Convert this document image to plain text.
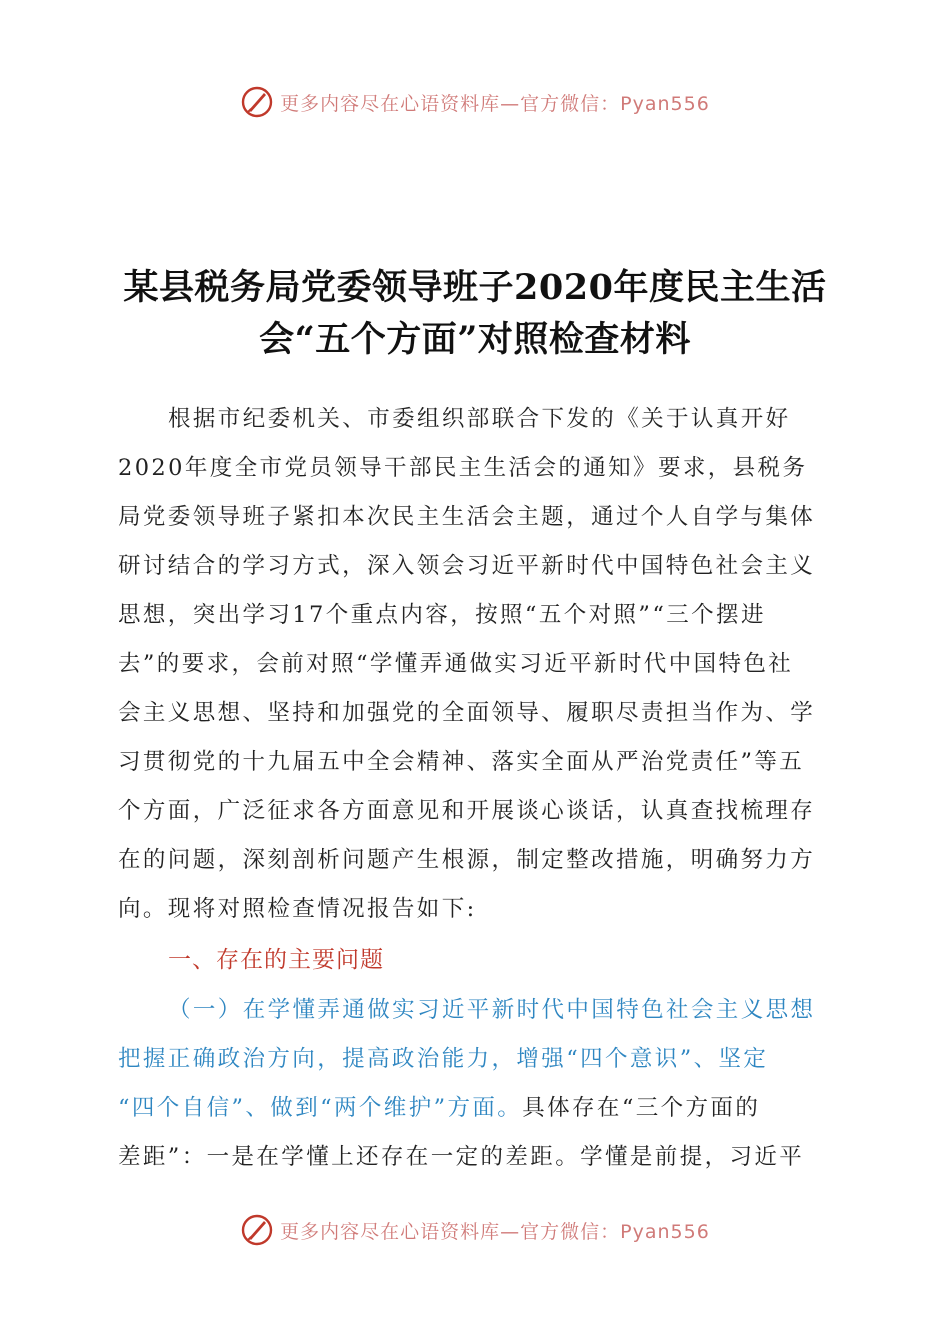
更多内容尽在心语资料库—官方微信：Pyan556
某县税务局党委领导班子2020年度民主生活
会“五个方面”对照检查材料
根据市纪委机关、市委组织部联合下发的《关于认真开好
2020年度全市党员领导干部民主生活会的通知》要求，县税务
局党委领导班子紧扣本次民主生活会主题，通过个人自学与集体
研讨结合的学习方式，深入领会习近平新时代中国特色社会主义
思想，突出学习17个重点内容，按照“五个对照”“三个摆进
去”的要求，会前对照“学懂弄通做实习近平新时代中国特色社
会主义思想、坚持和加强党的全面领导、履职尽责担当作为、学
习贯彻党的十九届五中全会精神、落实全面从严治党责任”等五
个方面，广泛征求各方面意见和开展谈心谈话，认真查找梳理存
在的问题，深刻剖析问题产生根源，制定整改措施，明确努力方
向。现将对照检查情况报告如下:
一、存在的主要问题
（一）在学懂弄通做实习近平新时代中国特色社会主义思想
把握正确政治方向，提高政治能力，增强“四个意识”、坚定
“四个自信”、做到“两个维护”方面。具体存在“三个方面的
差距”：一是在学懂上还存在一定的差距。学懂是前提，习近平
更多内容尽在心语资料库—官方微信：Pyan556
